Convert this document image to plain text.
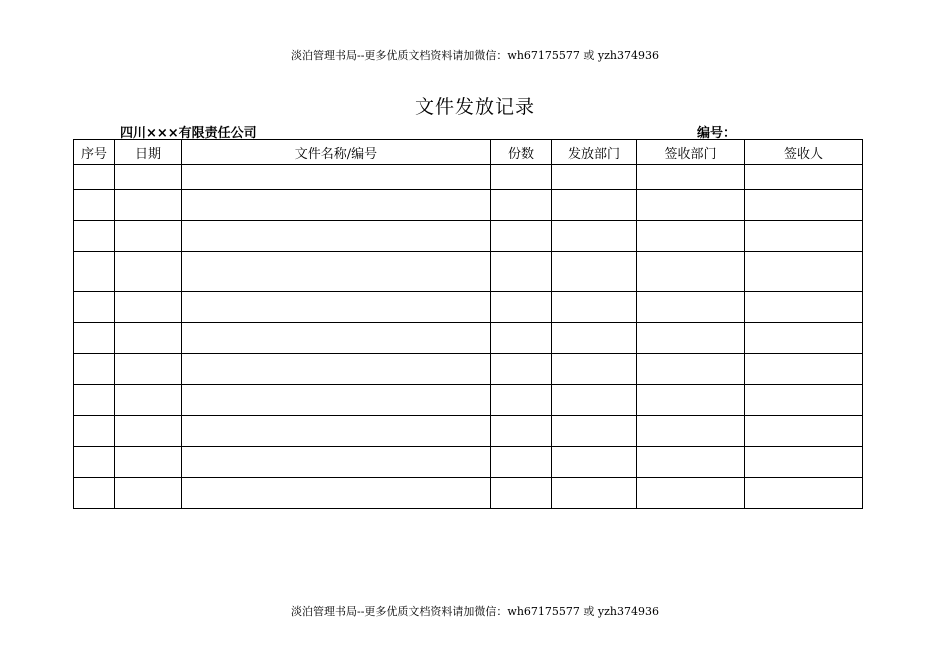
淡泊管理书局--更多优质文档资料请加微信：wh67175577 或 yzh374936
文件发放记录
四川×××有限责任公司	编号：
序号	日期	文件名称/编号	份数	发放部门	签收部门	签收人

淡泊管理书局--更多优质文档资料请加微信：wh67175577 或 yzh374936
